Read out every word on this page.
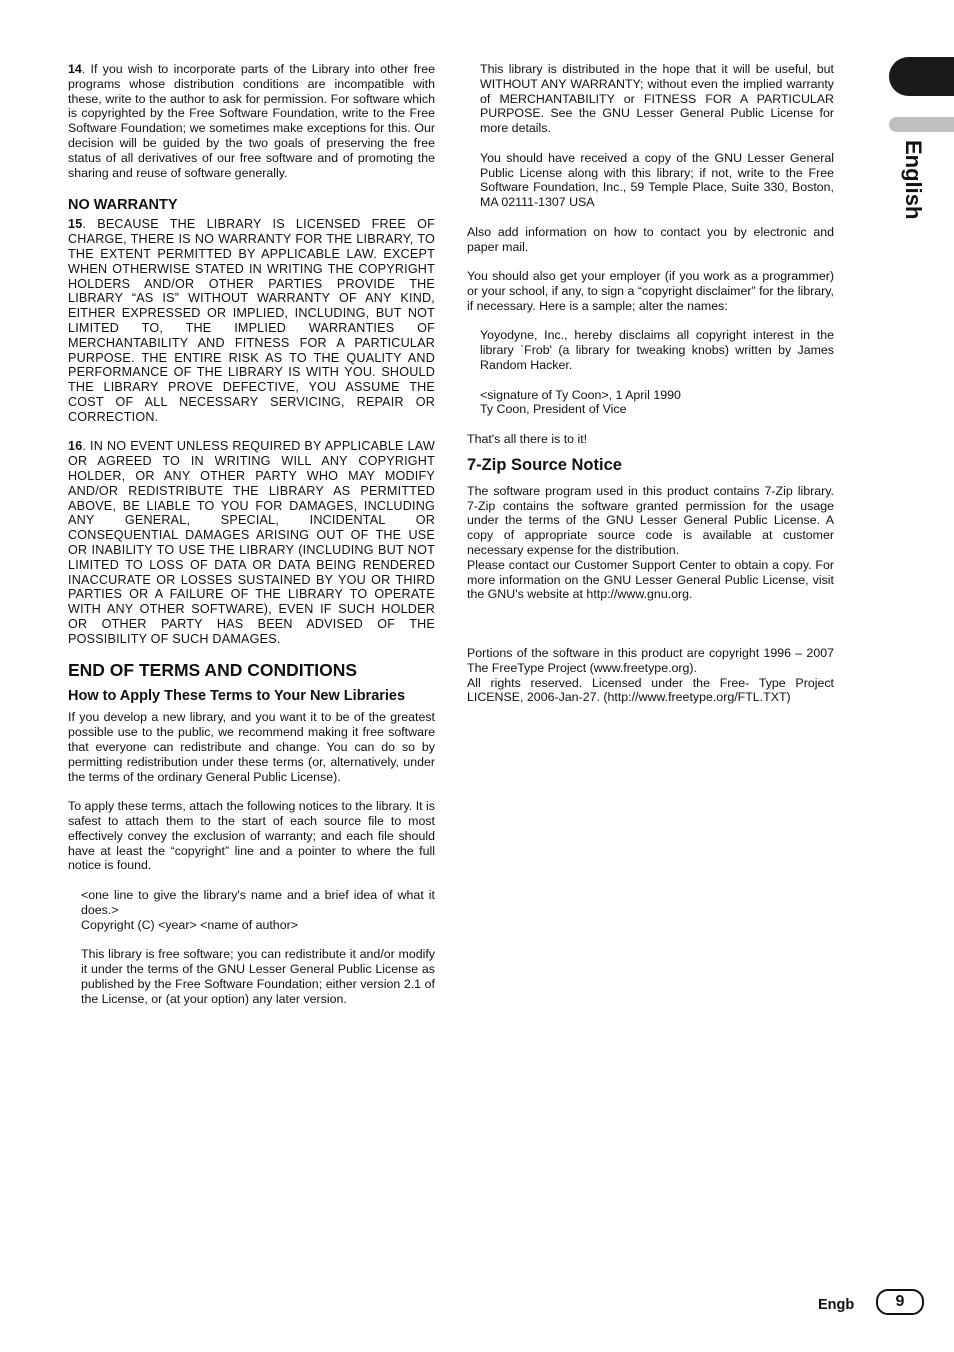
English

14. If you wish to incorporate parts of the Library into other free programs whose distribution conditions are incompatible with these, write to the author to ask for permission. For software which is copyrighted by the Free Software Foundation, write to the Free Software Foundation; we sometimes make exceptions for this. Our decision will be guided by the two goals of preserving the free status of all derivatives of our free software and of promoting the sharing and reuse of software generally.

NO WARRANTY

15. BECAUSE THE LIBRARY IS LICENSED FREE OF CHARGE, THERE IS NO WARRANTY FOR THE LIBRARY, TO THE EXTENT PERMITTED BY APPLICABLE LAW. EXCEPT WHEN OTHERWISE STATED IN WRITING THE COPYRIGHT HOLDERS AND/OR OTHER PARTIES PROVIDE THE LIBRARY “AS IS” WITHOUT WARRANTY OF ANY KIND, EITHER EXPRESSED OR IMPLIED, INCLUDING, BUT NOT LIMITED TO, THE IMPLIED WARRANTIES OF MERCHANTABILITY AND FITNESS FOR A PARTICULAR PURPOSE. THE ENTIRE RISK AS TO THE QUALITY AND PERFORMANCE OF THE LIBRARY IS WITH YOU. SHOULD THE LIBRARY PROVE DEFECTIVE, YOU ASSUME THE COST OF ALL NECESSARY SERVICING, REPAIR OR CORRECTION.

16. IN NO EVENT UNLESS REQUIRED BY APPLICABLE LAW OR AGREED TO IN WRITING WILL ANY COPYRIGHT HOLDER, OR ANY OTHER PARTY WHO MAY MODIFY AND/OR REDISTRIBUTE THE LIBRARY AS PERMITTED ABOVE, BE LIABLE TO YOU FOR DAMAGES, INCLUDING ANY GENERAL, SPECIAL, INCIDENTAL OR CONSEQUENTIAL DAMAGES ARISING OUT OF THE USE OR INABILITY TO USE THE LIBRARY (INCLUDING BUT NOT LIMITED TO LOSS OF DATA OR DATA BEING RENDERED INACCURATE OR LOSSES SUSTAINED BY YOU OR THIRD PARTIES OR A FAILURE OF THE LIBRARY TO OPERATE WITH ANY OTHER SOFTWARE), EVEN IF SUCH HOLDER OR OTHER PARTY HAS BEEN ADVISED OF THE POSSIBILITY OF SUCH DAMAGES.

END OF TERMS AND CONDITIONS
How to Apply These Terms to Your New Libraries

If you develop a new library, and you want it to be of the greatest possible use to the public, we recommend making it free software that everyone can redistribute and change. You can do so by permitting redistribution under these terms (or, alternatively, under the terms of the ordinary General Public License).

To apply these terms, attach the following notices to the library. It is safest to attach them to the start of each source file to most effectively convey the exclusion of warranty; and each file should have at least the “copyright” line and a pointer to where the full notice is found.

<one line to give the library's name and a brief idea of what it does.>

Copyright (C) <year> <name of author>

This library is free software; you can redistribute it and/or modify it under the terms of the GNU Lesser General Public License as published by the Free Software Foundation; either version 2.1 of the License, or (at your option) any later version.

This library is distributed in the hope that it will be useful, but WITHOUT ANY WARRANTY; without even the implied warranty of MERCHANTABILITY or FITNESS FOR A PARTICULAR PURPOSE. See the GNU Lesser General Public License for more details.

You should have received a copy of the GNU Lesser General Public License along with this library; if not, write to the Free Software Foundation, Inc., 59 Temple Place, Suite 330, Boston, MA 02111-1307 USA

Also add information on how to contact you by electronic and paper mail.

You should also get your employer (if you work as a programmer) or your school, if any, to sign a “copyright disclaimer” for the library, if necessary. Here is a sample; alter the names:

Yoyodyne, Inc., hereby disclaims all copyright interest in the library `Frob' (a library for tweaking knobs) written by James Random Hacker.

<signature of Ty Coon>, 1 April 1990

Ty Coon, President of Vice

That's all there is to it!

7-Zip Source Notice

The software program used in this product contains 7-Zip library. 7-Zip contains the software granted permission for the usage under the terms of the GNU Lesser General Public License. A copy of appropriate source code is available at customer necessary expense for the distribution.

Please contact our Customer Support Center to obtain a copy. For more information on the GNU Lesser General Public License, visit the GNU's website at http://www.gnu.org.

Portions of the software in this product are copyright 1996 – 2007 The FreeType Project (www.freetype.org).

All rights reserved. Licensed under the Free- Type Project LICENSE, 2006-Jan-27. (http://www.freetype.org/FTL.TXT)

Engb	9
